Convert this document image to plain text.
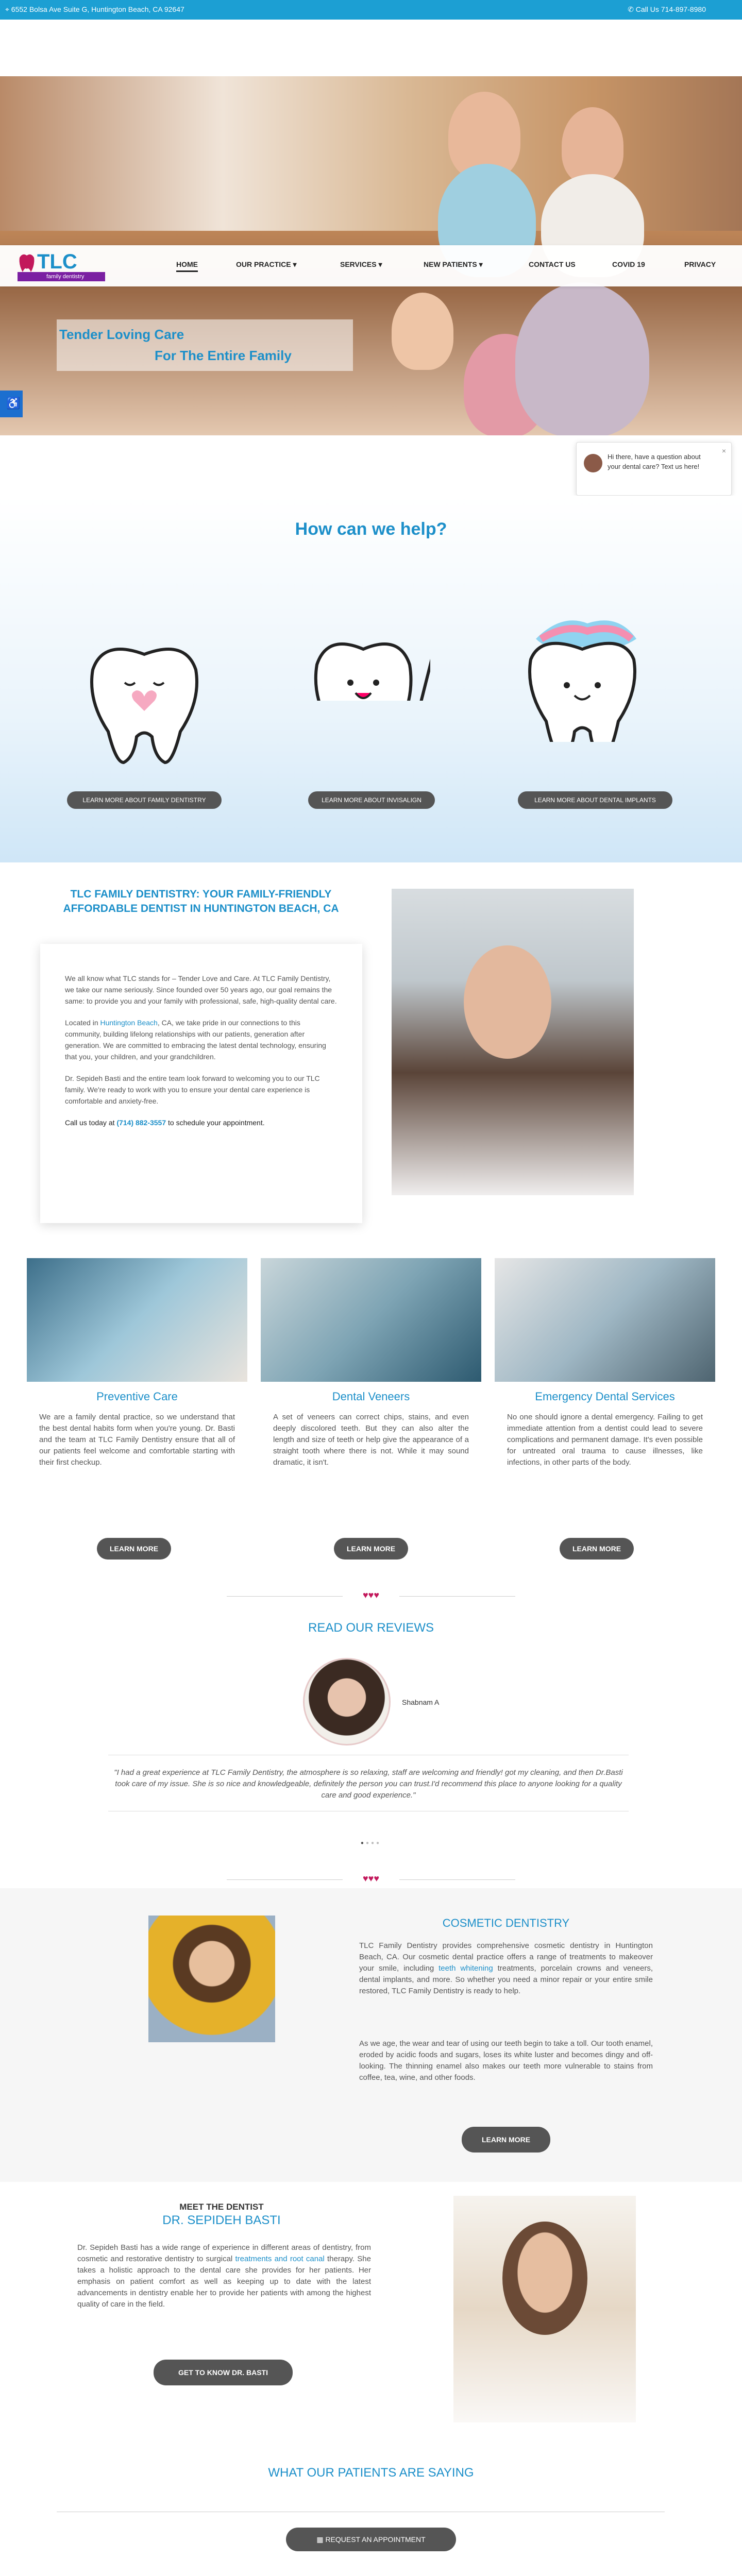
⌖ 6552 Bolsa Ave Suite G, Huntington Beach, CA 92647	✆ Call Us 714-897-8980
TLC
family dentistry
HOME	OUR PRACTICE ▾	SERVICES ▾	NEW PATIENTS ▾	CONTACT US	COVID 19	PRIVACY
Tender Loving Care
For The Entire Family
♿
×
Hi there, have a question about your dental care? Text us here!
How can we help?
LEARN MORE ABOUT FAMILY DENTISTRY	LEARN MORE ABOUT INVISALIGN	LEARN MORE ABOUT DENTAL IMPLANTS
TLC FAMILY DENTISTRY: YOUR FAMILY-FRIENDLY AFFORDABLE DENTIST IN HUNTINGTON BEACH, CA

We all know what TLC stands for – Tender Love and Care. At TLC Family Dentistry, we take our name seriously. Since founded over 50 years ago, our goal remains the same: to provide you and your family with professional, safe, high-quality dental care.

Located in Huntington Beach, CA, we take pride in our connections to this community, building lifelong relationships with our patients, generation after generation. We are committed to embracing the latest dental technology, ensuring that you, your children, and your grandchildren.

Dr. Sepideh Basti and the entire team look forward to welcoming you to our TLC family. We're ready to work with you to ensure your dental care experience is comfortable and anxiety-free.

Call us today at (714) 882-3557 to schedule your appointment.

Preventive Care	Dental Veneers	Emergency Dental Services
We are a family dental practice, so we understand that the best dental habits form when you're young. Dr. Basti and the team at TLC Family Dentistry ensure that all of our patients feel welcome and comfortable starting with their first checkup.
A set of veneers can correct chips, stains, and even deeply discolored teeth. But they can also alter the length and size of teeth or help give the appearance of a straight tooth where there is not. While it may sound dramatic, it isn't.
No one should ignore a dental emergency. Failing to get immediate attention from a dentist could lead to severe complications and permanent damage. It's even possible for untreated oral trauma to cause illnesses, like infections, in other parts of the body.
LEARN MORE	LEARN MORE	LEARN MORE
♥♥♥
READ OUR REVIEWS
Shabnam A
"I had a great experience at TLC Family Dentistry, the atmosphere is so relaxing, staff are welcoming and friendly! got my cleaning, and then Dr.Basti took care of my issue. She is so nice and knowledgeable, definitely the person you can trust.I'd recommend this place to anyone looking for a quality care and good experience."
●●●●
♥♥♥
COSMETIC DENTISTRY
TLC Family Dentistry provides comprehensive cosmetic dentistry in Huntington Beach, CA. Our cosmetic dental practice offers a range of treatments to makeover your smile, including teeth whitening treatments, porcelain crowns and veneers, dental implants, and more. So whether you need a minor repair or your entire smile restored, TLC Family Dentistry is ready to help.
As we age, the wear and tear of using our teeth begin to take a toll. Our tooth enamel, eroded by acidic foods and sugars, loses its white luster and becomes dingy and off-looking. The thinning enamel also makes our teeth more vulnerable to stains from coffee, tea, wine, and other foods.
LEARN MORE
MEET THE DENTIST
DR. SEPIDEH BASTI
Dr. Sepideh Basti has a wide range of experience in different areas of dentistry, from cosmetic and restorative dentistry to surgical treatments and root canal therapy. She takes a holistic approach to the dental care she provides for her patients. Her emphasis on patient comfort as well as keeping up to date with the latest advancements in dentistry enable her to provide her patients with among the highest quality of care in the field.
GET TO KNOW DR. BASTI
WHAT OUR PATIENTS ARE SAYING
▦ REQUEST AN APPOINTMENT
